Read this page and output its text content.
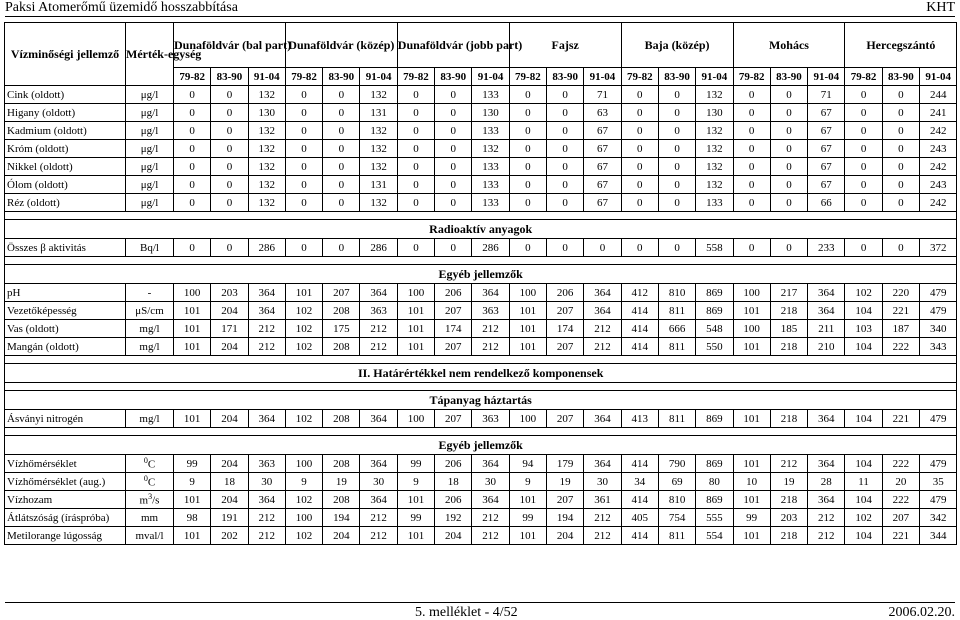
Paksi Atomerőmű üzemidő hosszabbítása	KHT
Vízminőségi jellemző	Mérték-egység	Dunaföldvár (bal part)			Dunaföldvár (közép)			Dunaföldvár (jobb part)			Fajsz			Baja (közép)			Mohács			Hercegszántó		
		79-82	83-90	91-04	79-82	83-90	91-04	79-82	83-90	91-04	79-82	83-90	91-04	79-82	83-90	91-04	79-82	83-90	91-04	79-82	83-90	91-04
Cink (oldott)	μg/l	0	0	132	0	0	132	0	0	133	0	0	71	0	0	132	0	0	71	0	0	244
Higany (oldott)	μg/l	0	0	130	0	0	131	0	0	130	0	0	63	0	0	130	0	0	67	0	0	241
Kadmium (oldott)	μg/l	0	0	132	0	0	132	0	0	133	0	0	67	0	0	132	0	0	67	0	0	242
Króm (oldott)	μg/l	0	0	132	0	0	132	0	0	132	0	0	67	0	0	132	0	0	67	0	0	243
Nikkel (oldott)	μg/l	0	0	132	0	0	132	0	0	133	0	0	67	0	0	132	0	0	67	0	0	242
Ólom (oldott)	μg/l	0	0	132	0	0	131	0	0	133	0	0	67	0	0	132	0	0	67	0	0	243
Réz (oldott)	μg/l	0	0	132	0	0	132	0	0	133	0	0	67	0	0	133	0	0	66	0	0	242

Radioaktív anyagok																						
Összes β aktivitás	Bq/l	0	0	286	0	0	286	0	0	286	0	0	0	0	0	558	0	0	233	0	0	372

Egyéb jellemzők																						
pH	-	100	203	364	101	207	364	100	206	364	100	206	364	412	810	869	100	217	364	102	220	479
Vezetőképesség	μS/cm	101	204	364	102	208	363	101	207	363	101	207	364	414	811	869	101	218	364	104	221	479
Vas (oldott)	mg/l	101	171	212	102	175	212	101	174	212	101	174	212	414	666	548	100	185	211	103	187	340
Mangán (oldott)	mg/l	101	204	212	102	208	212	101	207	212	101	207	212	414	811	550	101	218	210	104	222	343

II. Határértékkel nem rendelkező komponensek																						

Tápanyag háztartás																						
Ásványi nitrogén	mg/l	101	204	364	102	208	364	100	207	363	100	207	364	413	811	869	101	218	364	104	221	479

Egyéb jellemzők																						
Vízhőmérséklet	$^0$C	99	204	363	100	208	364	99	206	364	94	179	364	414	790	869	101	212	364	104	222	479
Vízhőmérséklet (aug.)	$^0$C	9	18	30	9	19	30	9	18	30	9	19	30	34	69	80	10	19	28	11	20	35
Vízhozam	$m^3/s$	101	204	364	102	208	364	101	206	364	101	207	361	414	810	869	101	218	364	104	222	479
Átlátszóság (íráspróba)	mm	98	191	212	100	194	212	99	192	212	99	194	212	405	754	555	99	203	212	102	207	342
Metilorange lúgosság	mval/l	101	202	212	102	204	212	101	204	212	101	204	212	414	811	554	101	218	212	104	221	344
5. melléklet - 4/52	2006.02.20.
